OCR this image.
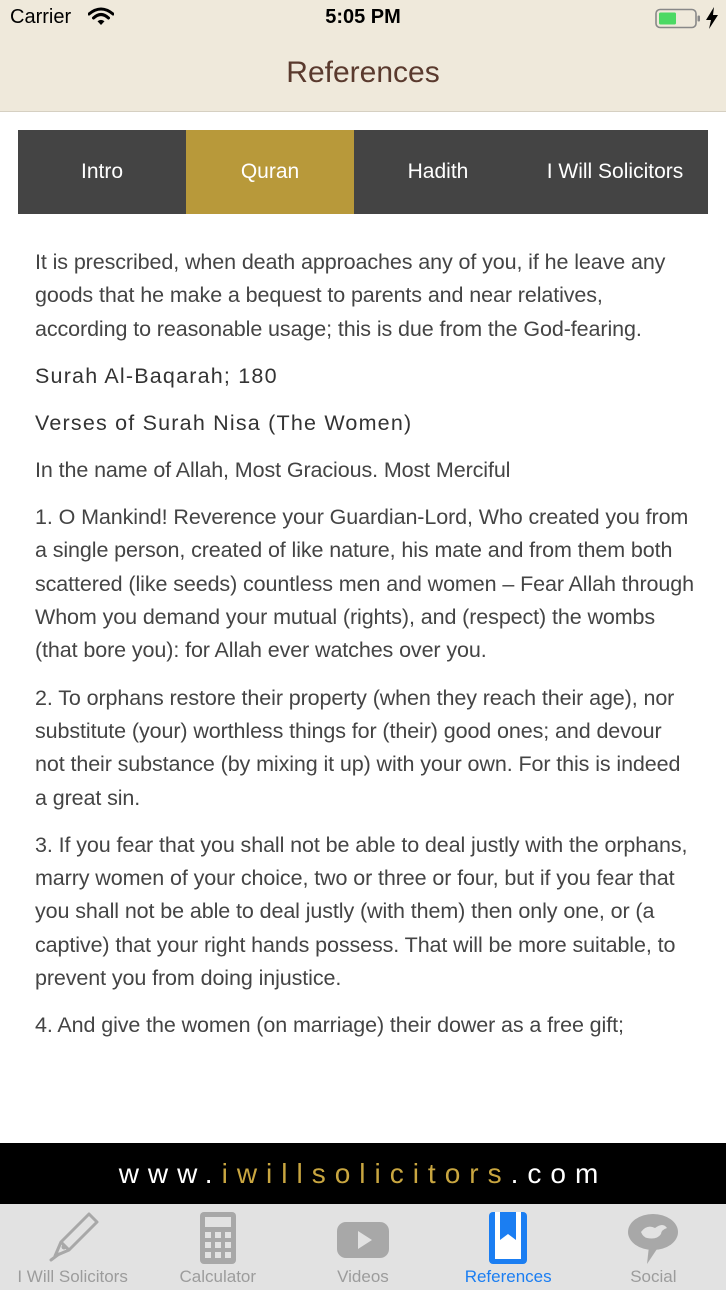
Carrier	5:05 PM
References
Intro	Quran	Hadith	I Will Solicitors

It is prescribed, when death approaches any of you, if he leave any goods that he make a bequest to parents and near relatives, according to reasonable usage; this is due from the God-fearing.

Surah Al-Baqarah; 180

Verses of Surah Nisa (The Women)

In the name of Allah, Most Gracious. Most Merciful

1. O Mankind! Reverence your Guardian-Lord, Who created you from a single person, created of like nature, his mate and from them both scattered (like seeds) countless men and women – Fear Allah through Whom you demand your mutual (rights), and (respect) the wombs (that bore you): for Allah ever watches over you.

2. To orphans restore their property (when they reach their age), nor substitute (your) worthless things for (their) good ones; and devour not their substance (by mixing it up) with your own. For this is indeed a great sin.

3. If you fear that you shall not be able to deal justly with the orphans, marry women of your choice, two or three or four, but if you fear that you shall not be able to deal justly (with them) then only one, or (a captive) that your right hands possess. That will be more suitable, to prevent you from doing injustice.

4. And give the women (on marriage) their dower as a free gift;

www. iwillsolicitors .com
I Will Solicitors	Calculator	Videos	References	Social
